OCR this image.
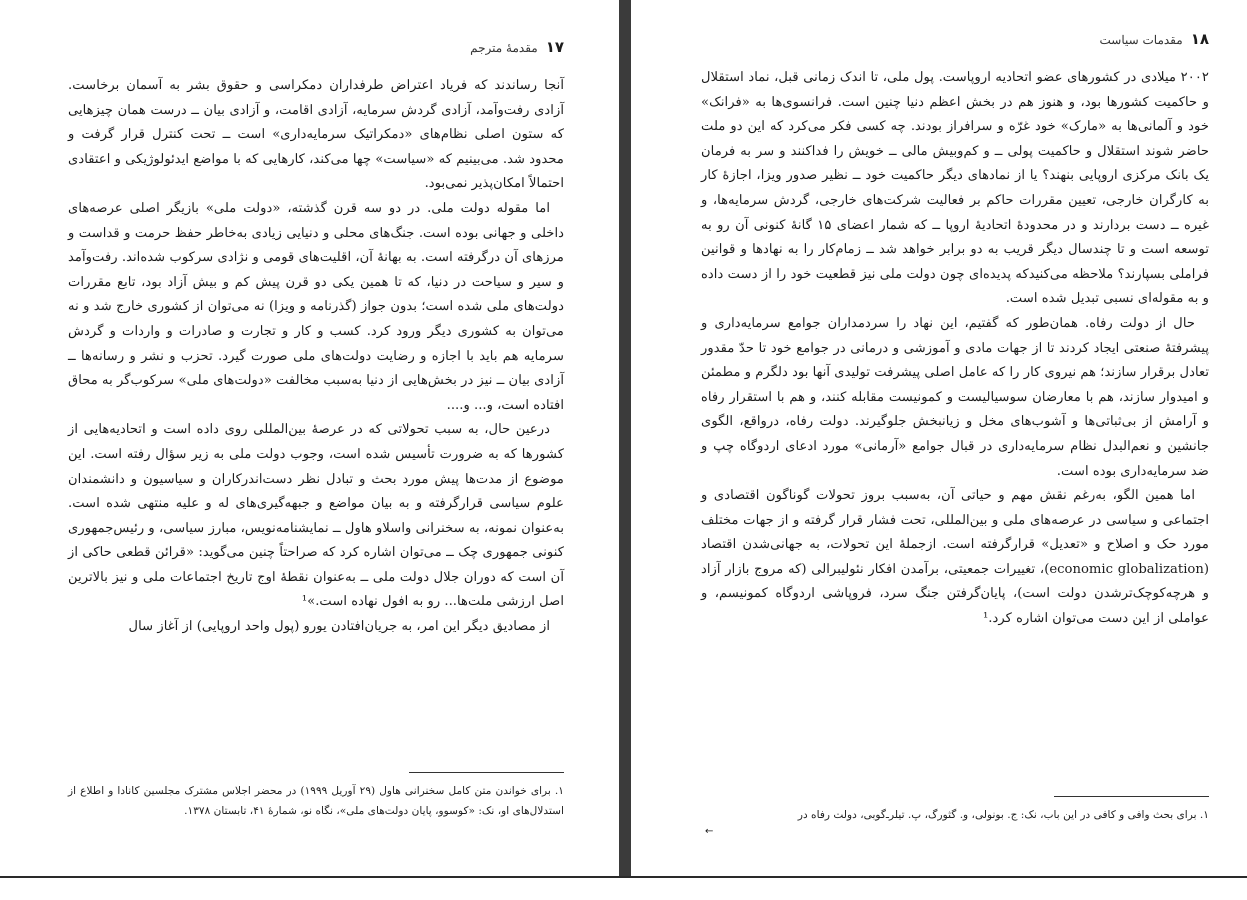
۱۷
مقدمهٔ مترجم

آنجا رساندند که فریاد اعتراض طرفداران دمکراسی و حقوق بشر به آسمان برخاست. آزادی رفت‌وآمد، آزادی گردش سرمایه، آزادی اقامت، و آزادی بیان ــ درست همان چیزهایی که ستون اصلی نظام‌های «دمکراتیک سرمایه‌داری» است ــ تحت کنترل قرار گرفت و محدود شد. می‌بینیم که «سیاست» چها می‌کند، کارهایی که با مواضع ایدئولوژیکی و اعتقادی احتمالاً امکان‌پذیر نمی‌بود.

اما مقوله دولت ملی. در دو سه قرن گذشته، «دولت ملی» بازیگر اصلی عرصه‌های داخلی و جهانی بوده است. جنگ‌های محلی و دنیایی زیادی به‌خاطر حفظ حرمت و قداست و مرزهای آن درگرفته است. به بهانهٔ آن، اقلیت‌های قومی و نژادی سرکوب شده‌اند. رفت‌وآمد و سیر و سیاحت در دنیا، که تا همین یکی دو قرن پیش کم و بیش آزاد بود، تابع مقررات دولت‌های ملی شده است؛ بدون جواز (گذرنامه و ویزا) نه می‌توان از کشوری خارج شد و نه می‌توان به کشوری دیگر ورود کرد. کسب و کار و تجارت و صادرات و واردات و گردش سرمایه هم باید با اجازه و رضایت دولت‌های ملی صورت گیرد. تحزب و نشر و رسانه‌ها ــ آزادی بیان ــ نیز در بخش‌هایی از دنیا به‌سبب مخالفت «دولت‌های ملی» سرکوب‌گر به محاق افتاده است، و... و....

درعین حال، به سبب تحولاتی که در عرصهٔ بین‌المللی روی داده است و اتحادیه‌هایی از کشورها که به ضرورت تأسیس شده است، وجوب دولت ملی به زیر سؤال رفته است. این موضوع از مدت‌ها پیش مورد بحث و تبادل نظر دست‌اندرکاران و سیاسیون و دانشمندان علوم سیاسی قرارگرفته و به بیان مواضع و جبهه‌گیری‌های له و علیه منتهی شده است. به‌عنوان نمونه، به سخنرانی واسلاو هاول ــ نمایشنامه‌نویس، مبارز سیاسی، و رئیس‌جمهوری کنونی جمهوری چک ــ می‌توان اشاره کرد که صراحتاً چنین می‌گوید: «قرائن قطعی حاکی از آن است که دوران جلال دولت ملی ــ به‌عنوان نقطهٔ اوج تاریخ اجتماعات ملی و نیز بالاترین اصل ارزشی ملت‌ها... رو به افول نهاده است.»¹

از مصادیق دیگر این امر، به جریان‌افتادن یورو (پول واحد اروپایی) از آغاز سال

۱. برای خواندن متن کامل سخنرانی هاول (۲۹ آوریل ۱۹۹۹) در محضر اجلاس مشترک مجلسین کانادا و اطلاع از استدلال‌های او، نک: «کوسوو، پایان دولت‌های ملی»، نگاه نو، شمارهٔ ۴۱، تابستان ۱۳۷۸.
۱۸
مقدمات سیاست

۲۰۰۲ میلادی در کشورهای عضو اتحادیه اروپاست. پول ملی، تا اندک زمانی قبل، نماد استقلال و حاکمیت کشورها بود، و هنوز هم در بخش اعظم دنیا چنین است. فرانسوی‌ها به «فرانک» خود و آلمانی‌ها به «مارک» خود غرّه و سرافراز بودند. چه کسی فکر می‌کرد که این دو ملت حاضر شوند استقلال و حاکمیت پولی ــ و کم‌وبیش مالی ــ خویش را فداکنند و سر به فرمان یک بانک مرکزی اروپایی بنهند؟ یا از نمادهای دیگر حاکمیت خود ــ نظیر صدور ویزا، اجازهٔ کار به کارگران خارجی، تعیین مقررات حاکم بر فعالیت شرکت‌های خارجی، گردش سرمایه‌ها، و غیره ــ دست بردارند و در محدودهٔ اتحادیهٔ اروپا ــ که شمار اعضای ۱۵ گانهٔ کنونی آن رو به توسعه است و تا چندسال دیگر قریب به دو برابر خواهد شد ــ زمام‌کار را به نهادها و قوانین فراملی بسپارند؟ ملاحظه می‌کنیدکه پدیده‌ای چون دولت ملی نیز قطعیت خود را از دست داده و به مقوله‌ای نسبی تبدیل شده است.

حال از دولت رفاه. همان‌طور که گفتیم، این نهاد را سردمداران جوامع سرمایه‌داری و پیشرفتهٔ صنعتی ایجاد کردند تا از جهات مادی و آموزشی و درمانی در جوامع خود تا حدّ مقدور تعادل برقرار سازند؛ هم نیروی کار را که عامل اصلی پیشرفت تولیدی آنها بود دلگرم و مطمئن و امیدوار سازند، هم با معارضان سوسیالیست و کمونیست مقابله کنند، و هم با استقرار رفاه و آرامش از بی‌ثباتی‌ها و آشوب‌های مخل و زیانبخش جلوگیرند. دولت رفاه، درواقع، الگوی جانشین و نعم‌البدل نظام سرمایه‌داری در قبال جوامع «آرمانی» مورد ادعای اردوگاه چپ و ضد سرمایه‌داری بوده است.

اما همین الگو، به‌رغم نقش مهم و حیاتی آن، به‌سبب بروز تحولات گوناگون اقتصادی و اجتماعی و سیاسی در عرصه‌های ملی و بین‌المللی، تحت فشار قرار گرفته و از جهات مختلف مورد حک و اصلاح و «تعدیل» قرارگرفته است. ازجملهٔ این تحولات، به جهانی‌شدن اقتصاد (economic globalization)، تغییرات جمعیتی، برآمدن افکار نئولیبرالی (که مروج بازار آزاد و هرچه‌کوچک‌ترشدن دولت است)، پایان‌گرفتن جنگ سرد، فروپاشی اردوگاه کمونیسم، و عواملی از این دست می‌توان اشاره کرد.¹

۱. برای بحث وافی و کافی در این باب، نک: ج. بونولی، و. گثورگ، پ. تیلر‌ـ‌گوبی، دولت رفاه در
←
